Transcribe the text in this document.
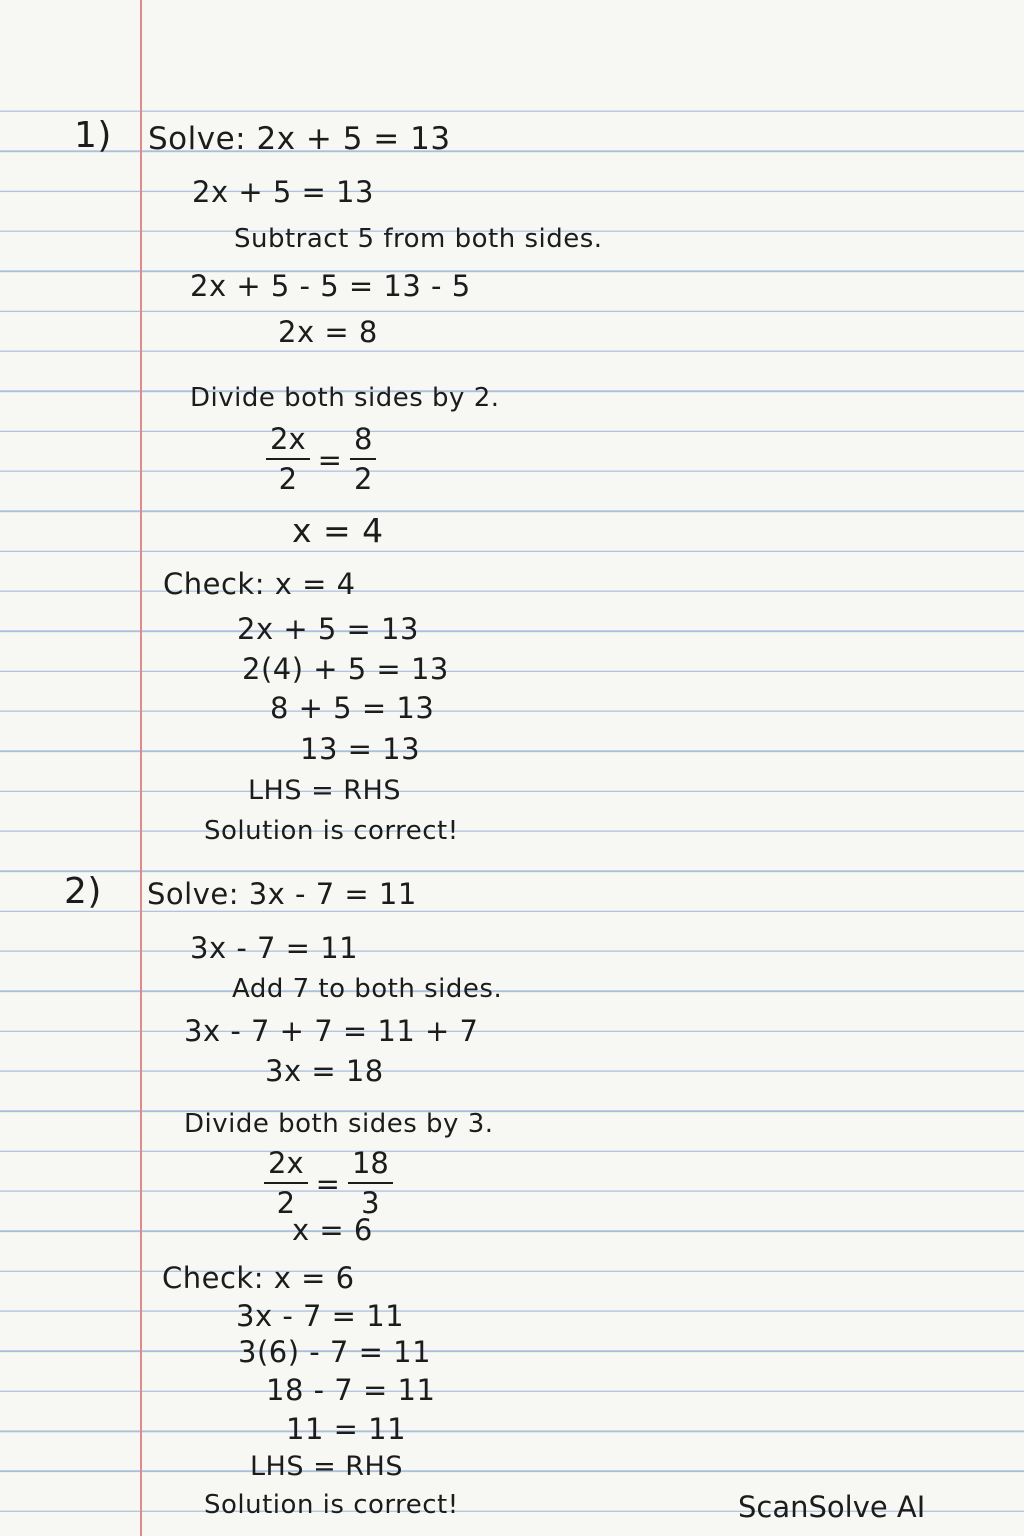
1) Solve: 2x + 5 = 13
2x + 5 = 13
Subtract 5 from both sides.
2x + 5 - 5 = 13 - 5
2x = 8
Divide both sides by 2.
$\frac{2x}{2} = \frac{8}{2}$
x = 4
Check: x = 4
2x + 5 = 13
2(4) + 5 = 13
8 + 5 = 13
13 = 13
LHS = RHS
Solution is correct!
2) Solve: 3x - 7 = 11
3x - 7 = 11
Add 7 to both sides.
3x - 7 + 7 = 11 + 7
3x = 18
Divide both sides by 3.
$\frac{2x}{2} = \frac{18}{3}$
x = 6
Check: x = 6
3x - 7 = 11
3(6) - 7 = 11
18 - 7 = 11
11 = 11
LHS = RHS
Solution is correct!	ScanSolve AI
